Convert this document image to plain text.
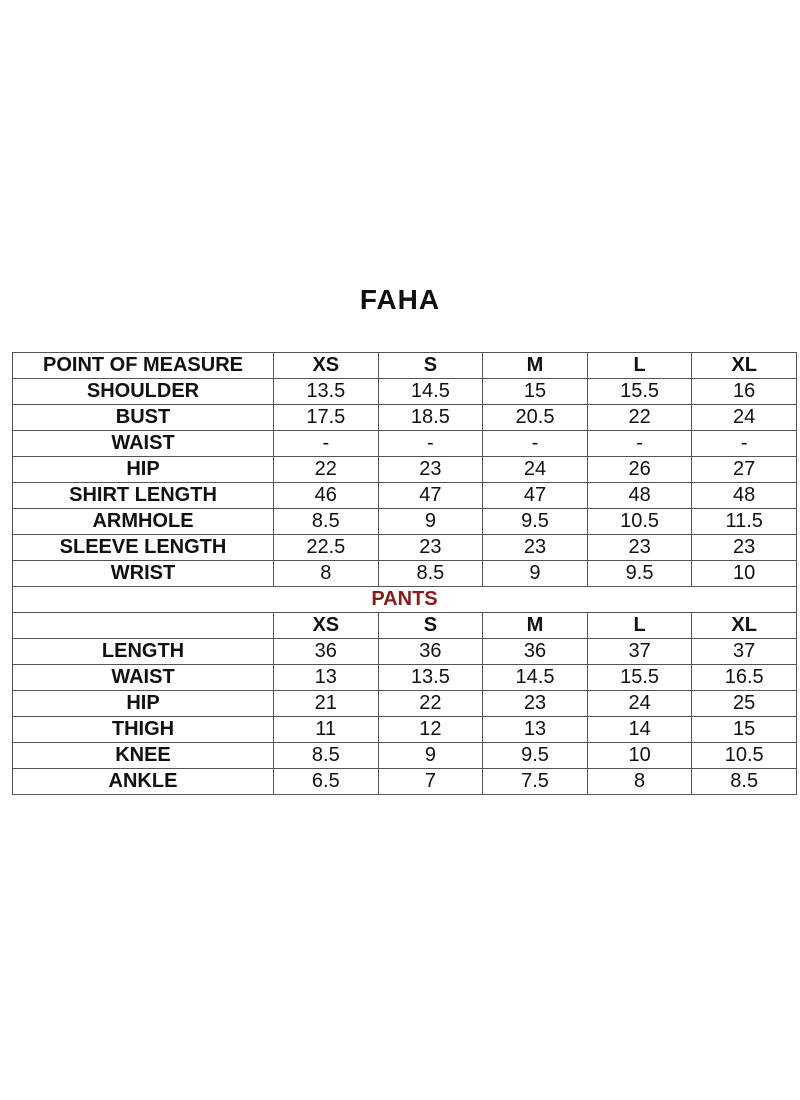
FAHA
POINT OF MEASURE	XS	S	M	L	XL
SHOULDER	13.5	14.5	15	15.5	16
BUST	17.5	18.5	20.5	22	24
WAIST	-	-	-	-	-
HIP	22	23	24	26	27
SHIRT LENGTH	46	47	47	48	48
ARMHOLE	8.5	9	9.5	10.5	11.5
SLEEVE LENGTH	22.5	23	23	23	23
WRIST	8	8.5	9	9.5	10
PANTS					
	XS	S	M	L	XL
LENGTH	36	36	36	37	37
WAIST	13	13.5	14.5	15.5	16.5
HIP	21	22	23	24	25
THIGH	11	12	13	14	15
KNEE	8.5	9	9.5	10	10.5
ANKLE	6.5	7	7.5	8	8.5
